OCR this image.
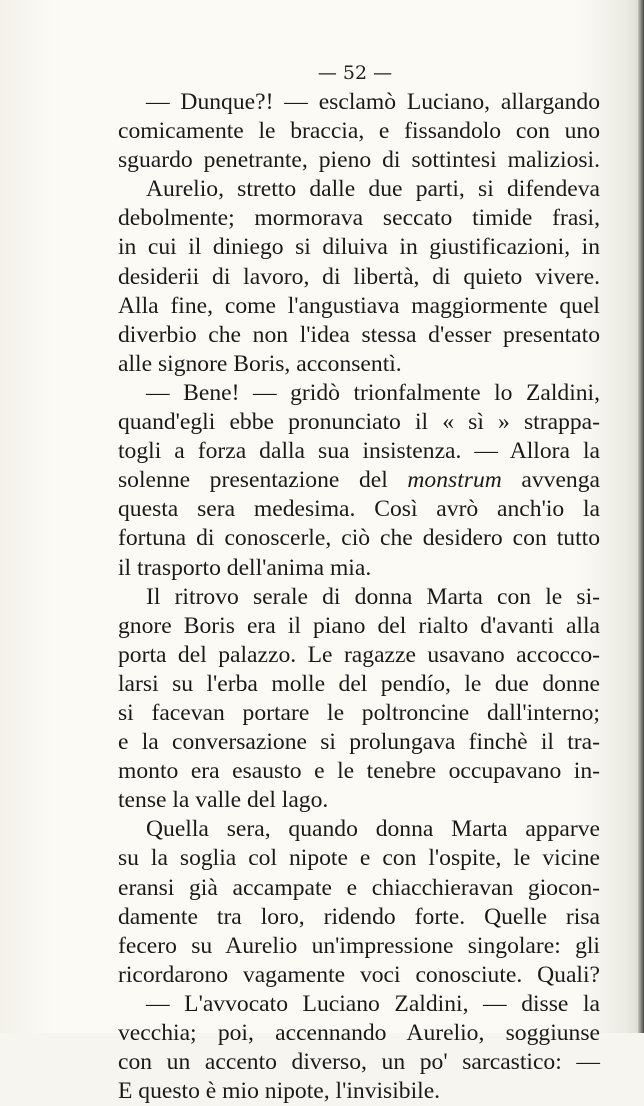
— 52 —
— Dunque?! — esclamò Luciano, allargando
comicamente le braccia, e fissandolo con uno
sguardo penetrante, pieno di sottintesi maliziosi.
Aurelio, stretto dalle due parti, si difendeva
debolmente; mormorava seccato timide frasi,
in cui il diniego si diluiva in giustificazioni, in
desiderii di lavoro, di libertà, di quieto vivere.
Alla fine, come l'angustiava maggiormente quel
diverbio che non l'idea stessa d'esser presentato
alle signore Boris, acconsentì.
— Bene! — gridò trionfalmente lo Zaldini,
quand'egli ebbe pronunciato il « sì » strappa-
togli a forza dalla sua insistenza. — Allora la
solenne presentazione del monstrum avvenga
questa sera medesima. Così avrò anch'io la
fortuna di conoscerle, ciò che desidero con tutto
il trasporto dell'anima mia.
Il ritrovo serale di donna Marta con le si-
gnore Boris era il piano del rialto d'avanti alla
porta del palazzo. Le ragazze usavano accocco-
larsi su l'erba molle del pendío, le due donne
si facevan portare le poltroncine dall'interno;
e la conversazione si prolungava finchè il tra-
monto era esausto e le tenebre occupavano in-
tense la valle del lago.
Quella sera, quando donna Marta apparve
su la soglia col nipote e con l'ospite, le vicine
eransi già accampate e chiacchieravan giocon-
damente tra loro, ridendo forte. Quelle risa
fecero su Aurelio un'impressione singolare: gli
ricordarono vagamente voci conosciute. Quali?
— L'avvocato Luciano Zaldini, — disse la
vecchia; poi, accennando Aurelio, soggiunse
con un accento diverso, un po' sarcastico: —
E questo è mio nipote, l'invisibile.
